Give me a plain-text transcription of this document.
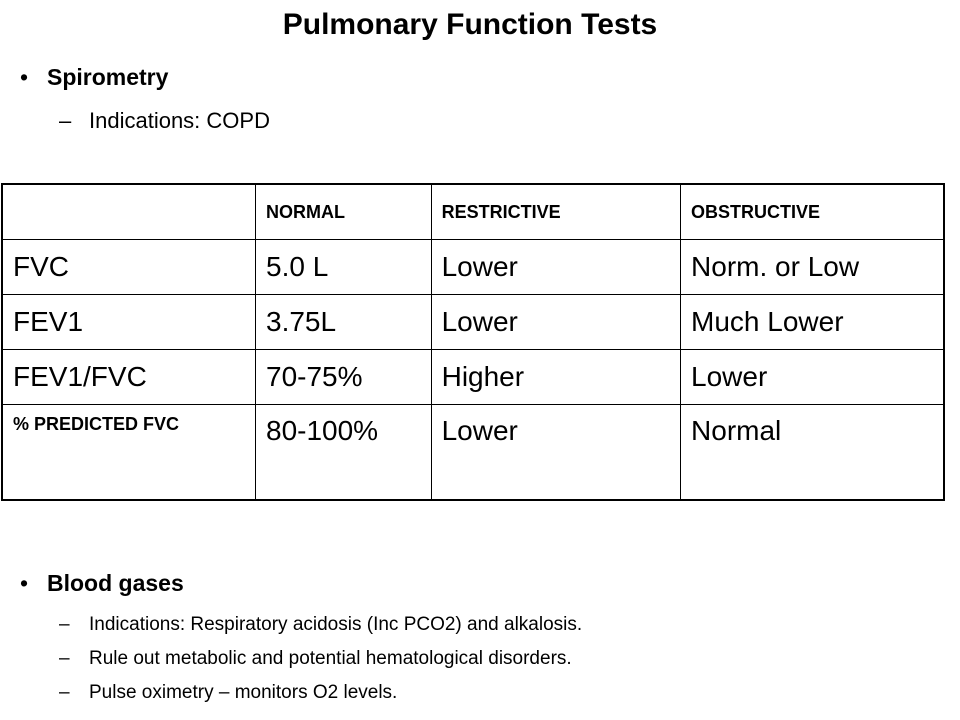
Pulmonary Function Tests
• Spirometry
– Indications: COPD
	NORMAL	RESTRICTIVE	OBSTRUCTIVE
FVC	5.0 L	Lower	Norm. or Low
FEV1	3.75L	Lower	Much Lower
FEV1/FVC	70-75%	Higher	Lower
% PREDICTED FVC	80-100%	Lower	Normal
• Blood gases
– Indications: Respiratory acidosis (Inc PCO2) and alkalosis.
– Rule out metabolic and potential hematological disorders.
– Pulse oximetry – monitors O2 levels.
